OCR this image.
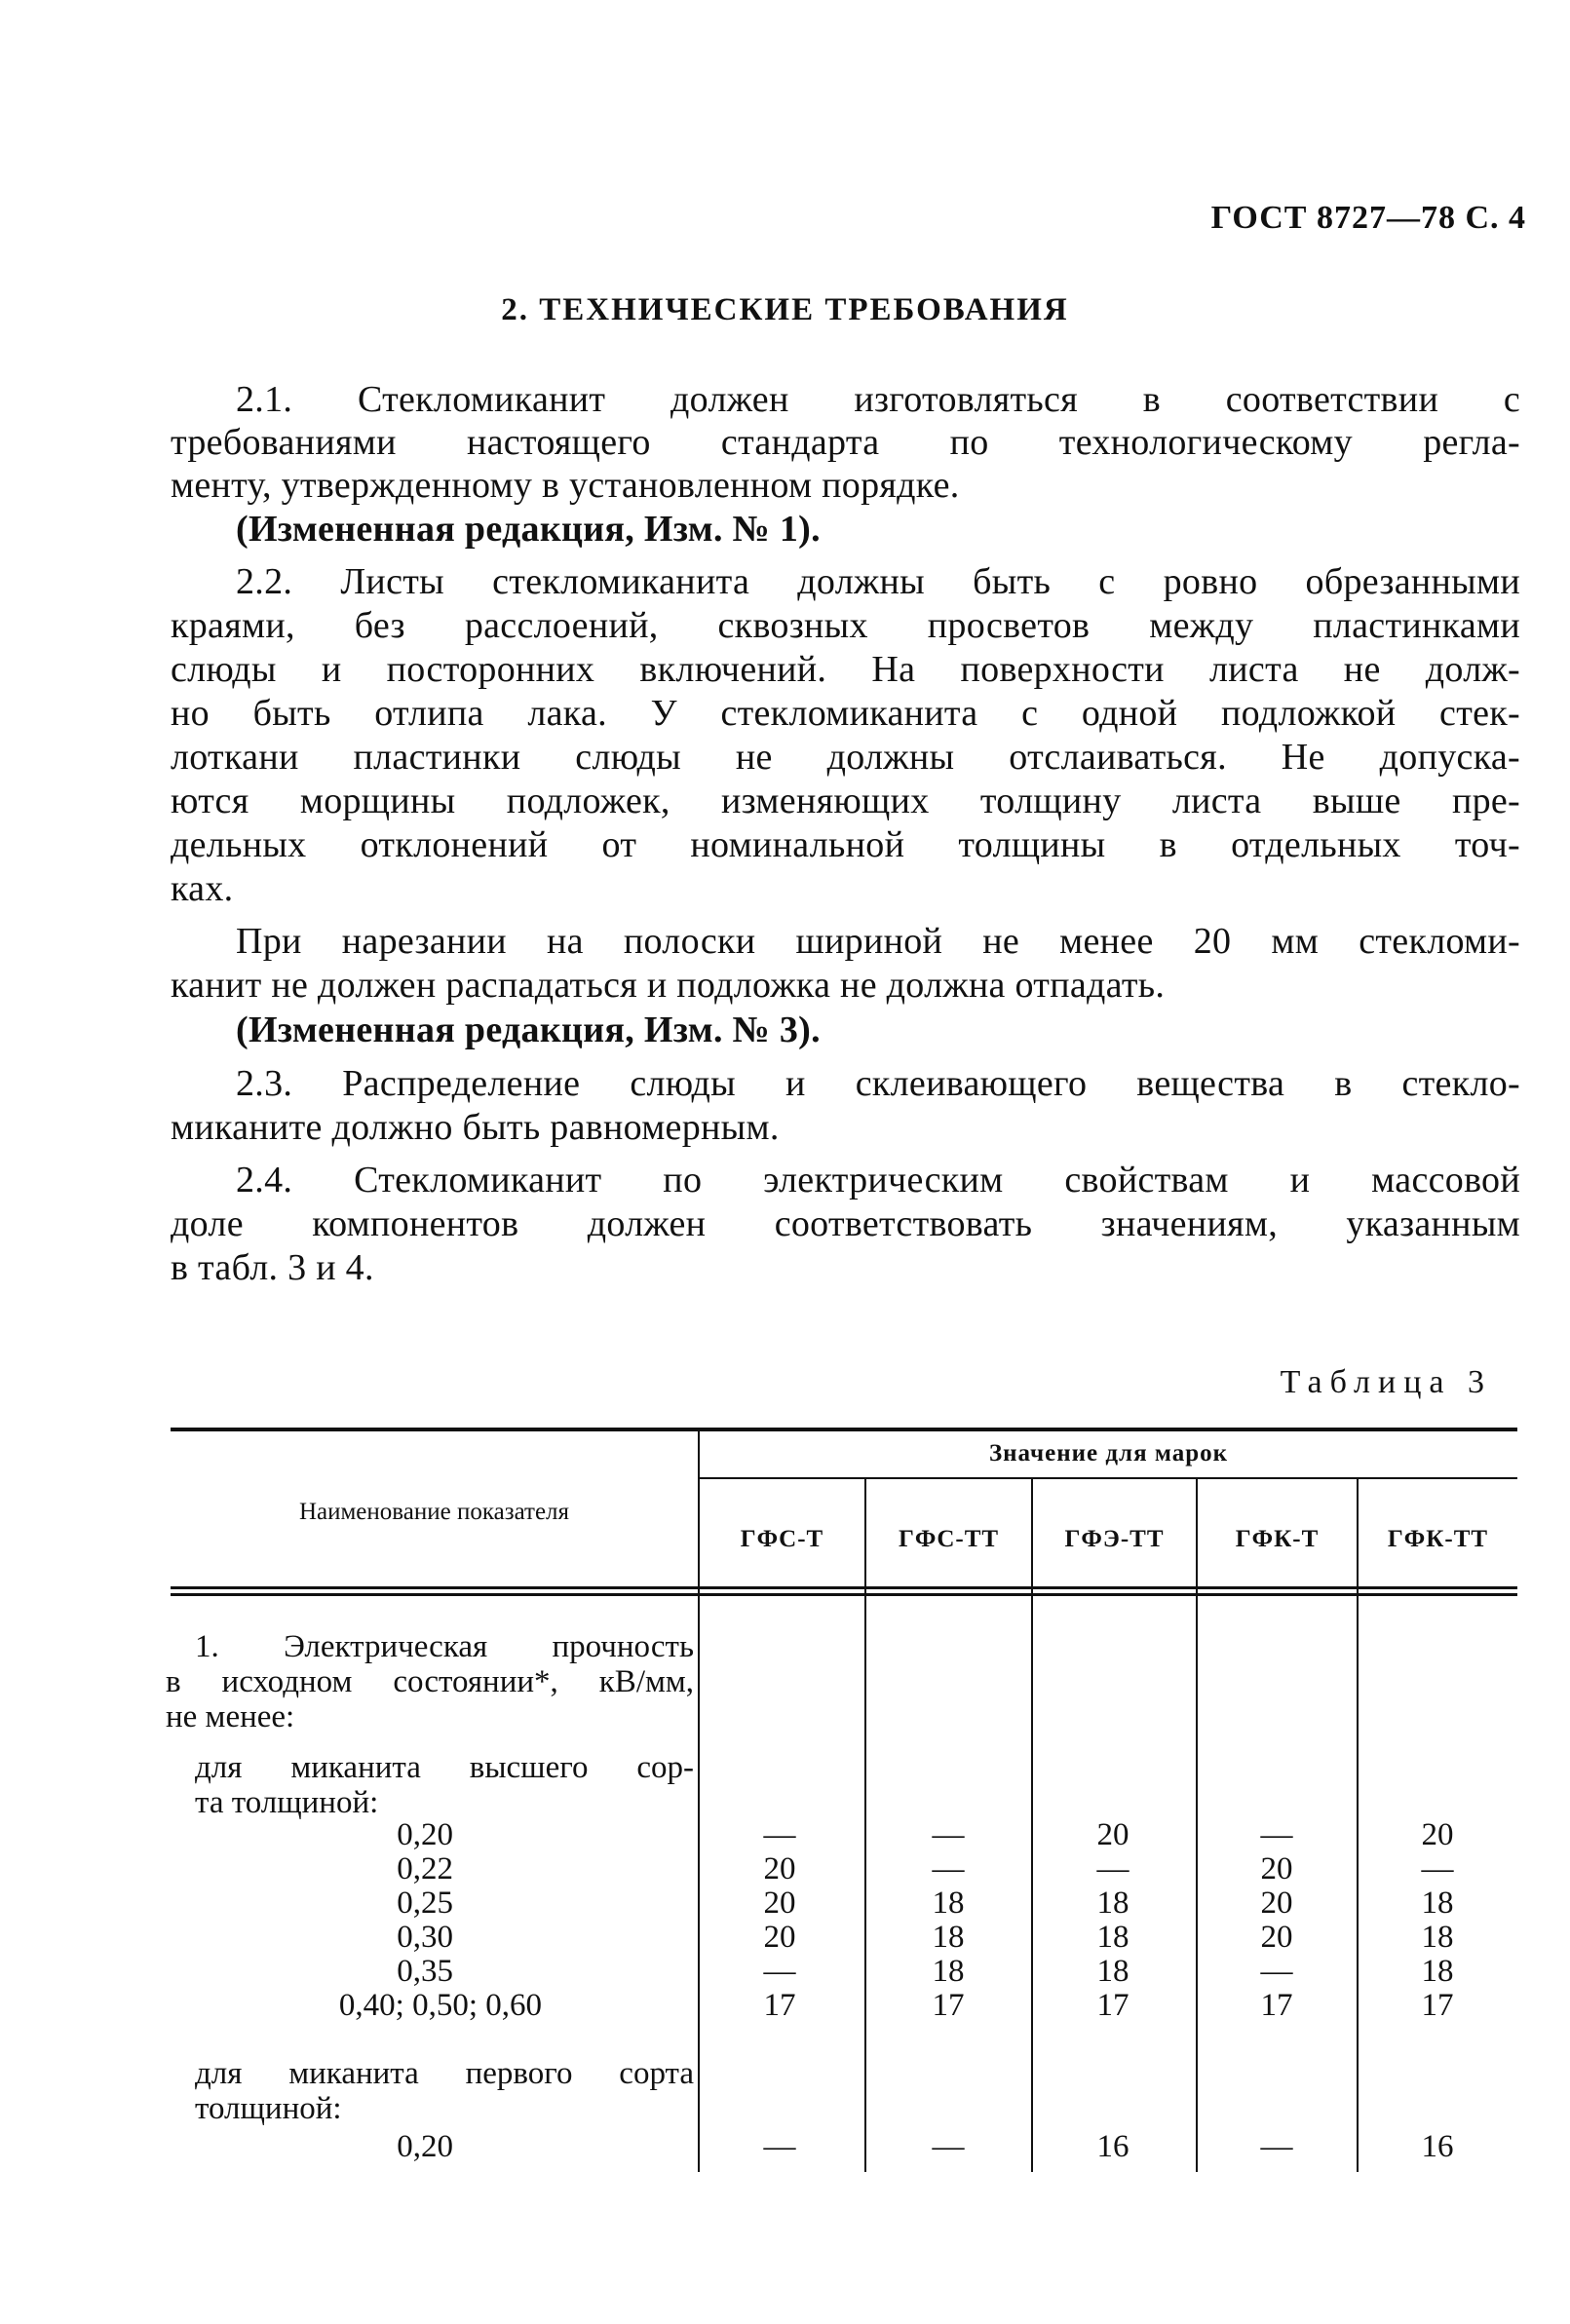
ГОСТ 8727—78 С. 4
2. ТЕХНИЧЕСКИЕ ТРЕБОВАНИЯ
2.1. Стекломиканит должен изготовляться в соответствии с
требованиями настоящего стандарта по технологическому регла-
менту, утвержденному в установленном порядке.
(Измененная редакция, Изм. № 1).
2.2. Листы стекломиканита должны быть с ровно обрезанными
краями, без расслоений, сквозных просветов между пластинками
слюды и посторонних включений. На поверхности листа не долж-
но быть отлипа лака. У стекломиканита с одной подложкой стек-
лоткани пластинки слюды не должны отслаиваться. Не допуска-
ются морщины подложек, изменяющих толщину листа выше пре-
дельных отклонений от номинальной толщины в отдельных точ-
ках.
При нарезании на полоски шириной не менее 20 мм стекломи-
канит не должен распадаться и подложка не должна отпадать.
(Измененная редакция, Изм. № 3).
2.3. Распределение слюды и склеивающего вещества в стекло-
миканите должно быть равномерным.
2.4. Стекломиканит по электрическим свойствам и массовой
доле компонентов должен соответствовать значениям, указанным
в табл. 3 и 4.
Таблица 3
Наименование показателя
Значение для марок
ГФС-Т	ГФС-ТТ	ГФЭ-ТТ	ГФК-Т	ГФК-ТТ
1. Электрическая прочность
в исходном состоянии*, кВ/мм,
не менее:
для миканита высшего сор-
та толщиной:
0,20	—	—	20	—	20
0,22	20	—	—	20	—
0,25	20	18	18	20	18
0,30	20	18	18	20	18
0,35	—	18	18	—	18
0,40; 0,50; 0,60	17	17	17	17	17
для миканита первого сорта
толщиной:
0,20	—	—	16	—	16
